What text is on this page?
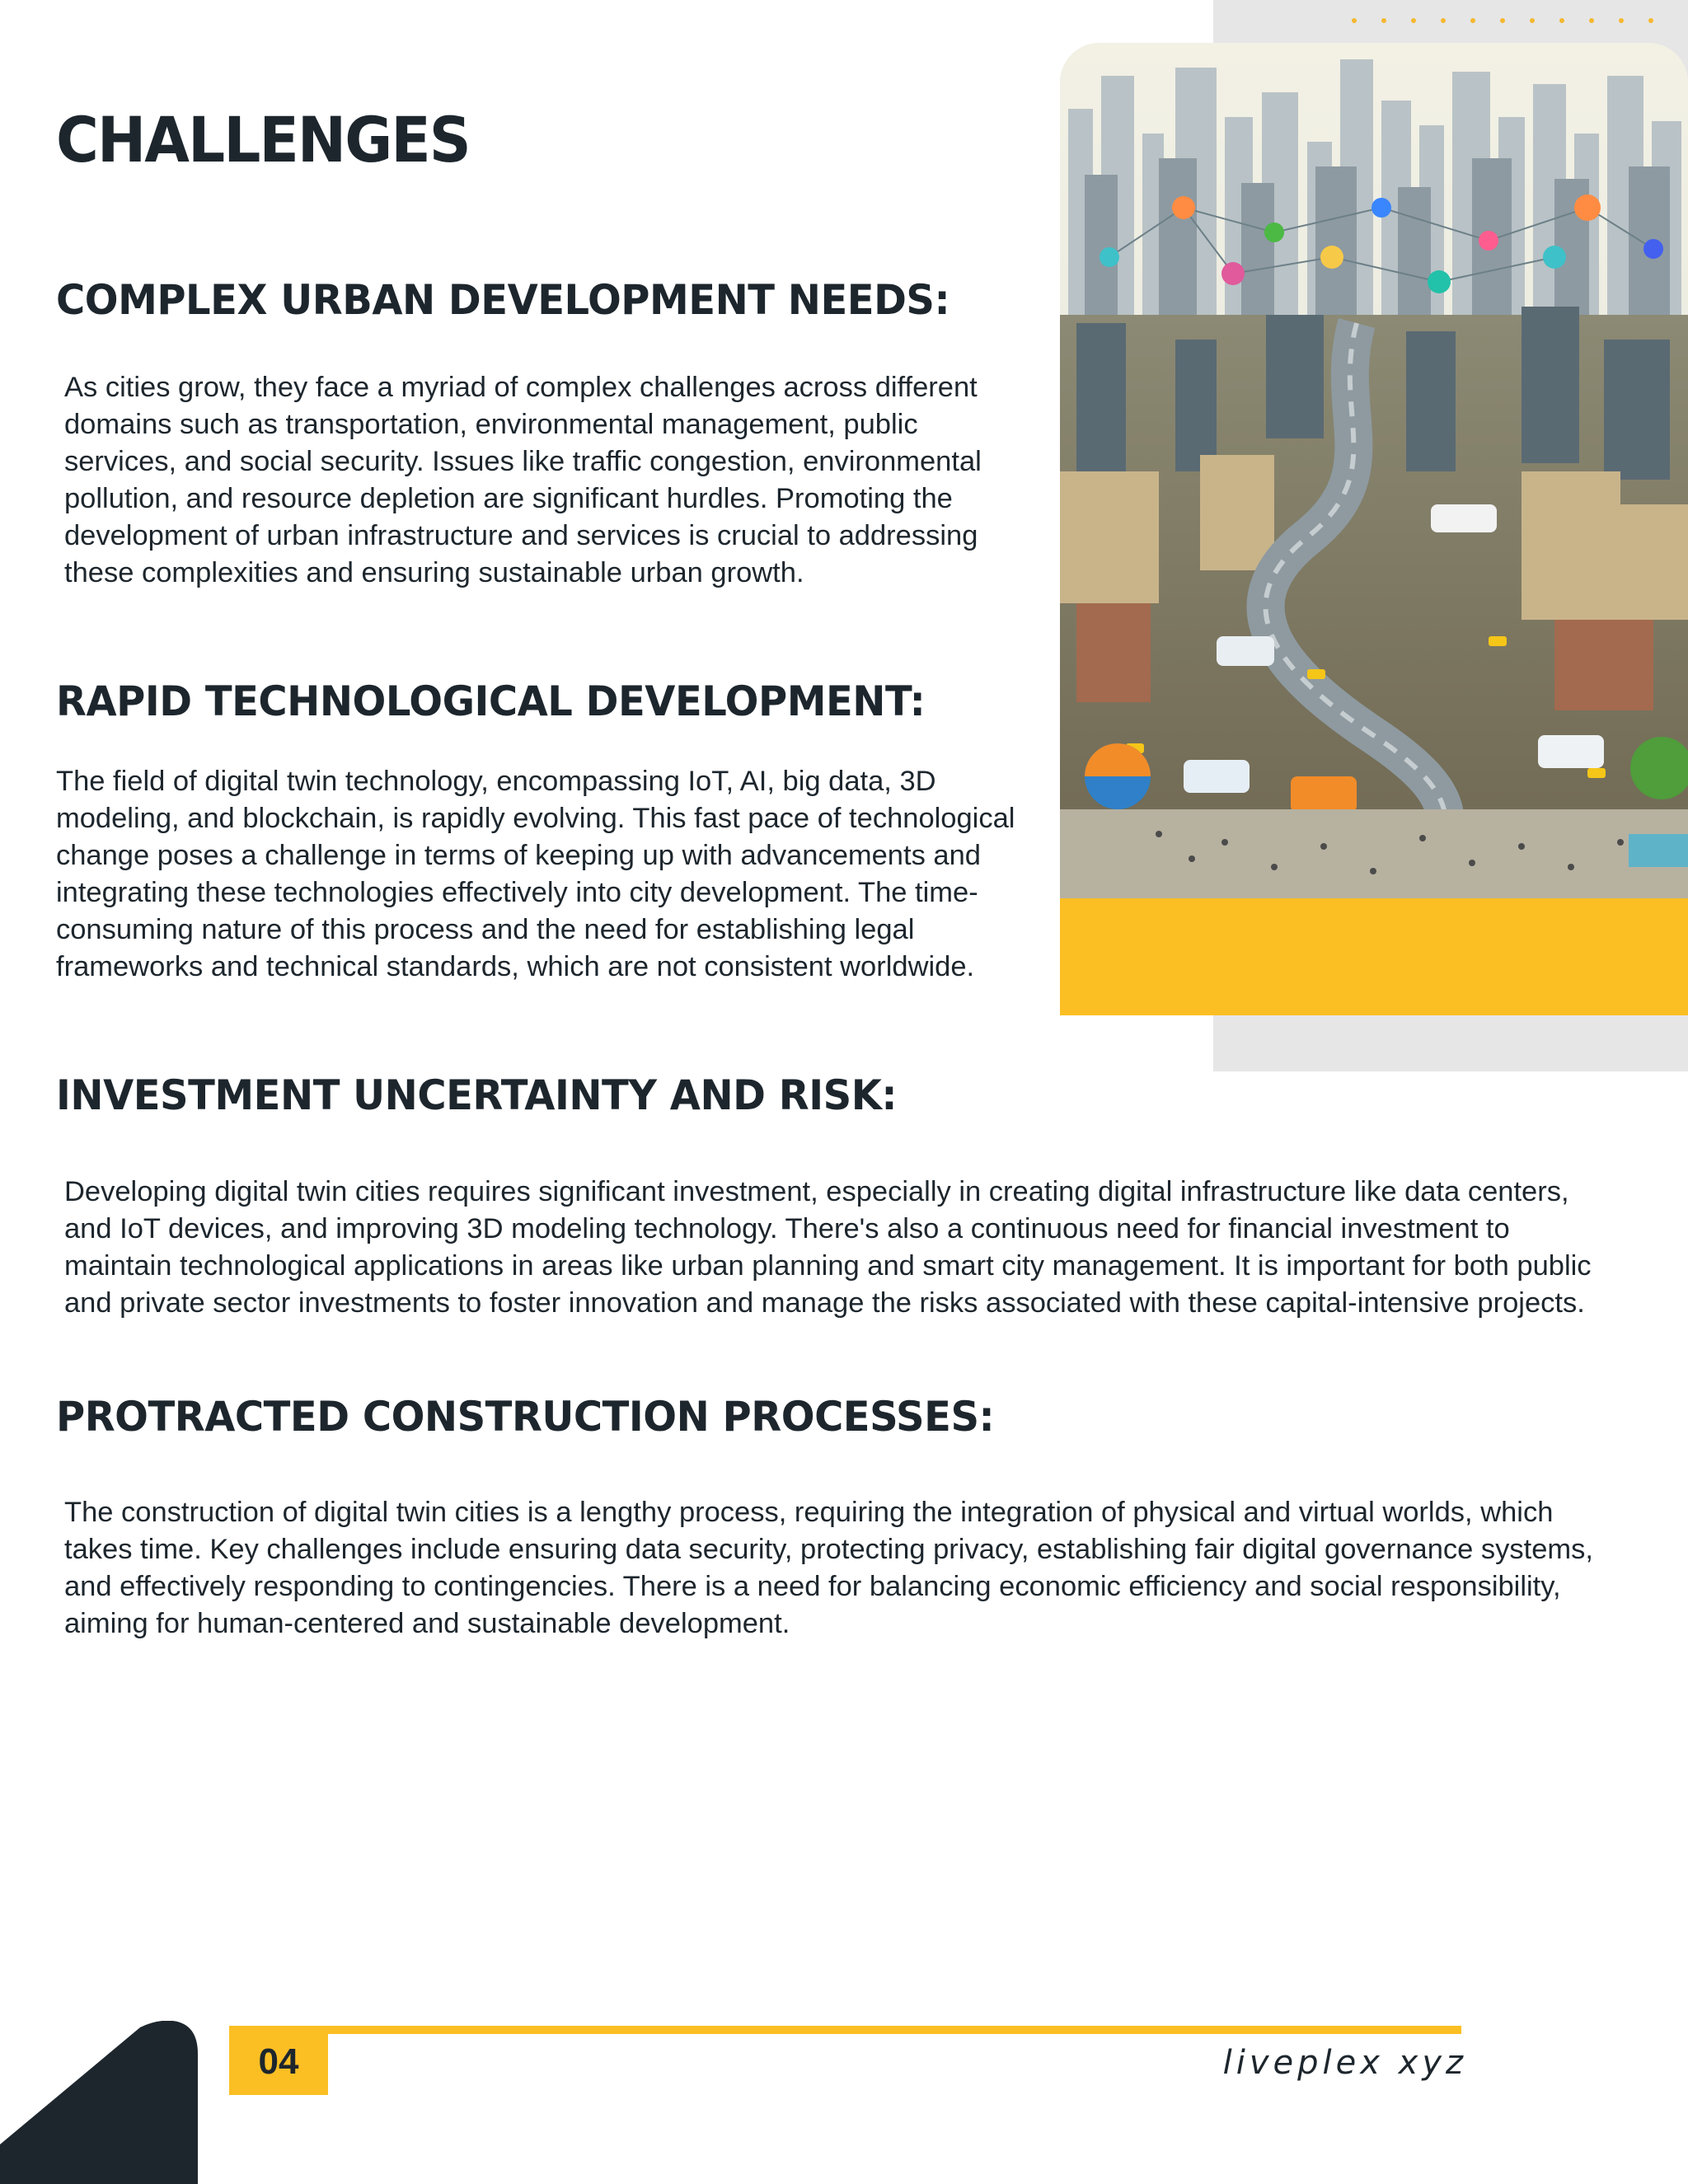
CHALLENGES
COMPLEX URBAN DEVELOPMENT NEEDS:

As cities grow, they face a myriad of complex challenges across different domains such as transportation, environmental management, public services, and social security. Issues like traffic congestion, environmental pollution, and resource depletion are significant hurdles. Promoting the development of urban infrastructure and services is crucial to addressing these complexities and ensuring sustainable urban growth.

RAPID TECHNOLOGICAL DEVELOPMENT:

The field of digital twin technology, encompassing IoT, AI, big data, 3D modeling, and blockchain, is rapidly evolving. This fast pace of technological change poses a challenge in terms of keeping up with advancements and integrating these technologies effectively into city development. The time-consuming nature of this process and the need for establishing legal frameworks and technical standards, which are not consistent worldwide.

INVESTMENT UNCERTAINTY AND RISK:

Developing digital twin cities requires significant investment, especially in creating digital infrastructure like data centers, and IoT devices, and improving 3D modeling technology. There's also a continuous need for financial investment to maintain technological applications in areas like urban planning and smart city management. It is important for both public and private sector investments to foster innovation and manage the risks associated with these capital-intensive projects.

PROTRACTED CONSTRUCTION PROCESSES:

The construction of digital twin cities is a lengthy process, requiring the integration of physical and virtual worlds, which takes time. Key challenges include ensuring data security, protecting privacy, establishing fair digital governance systems, and effectively responding to contingencies. There is a need for balancing economic efficiency and social responsibility, aiming for human-centered and sustainable development.

04	liveplex xyz
